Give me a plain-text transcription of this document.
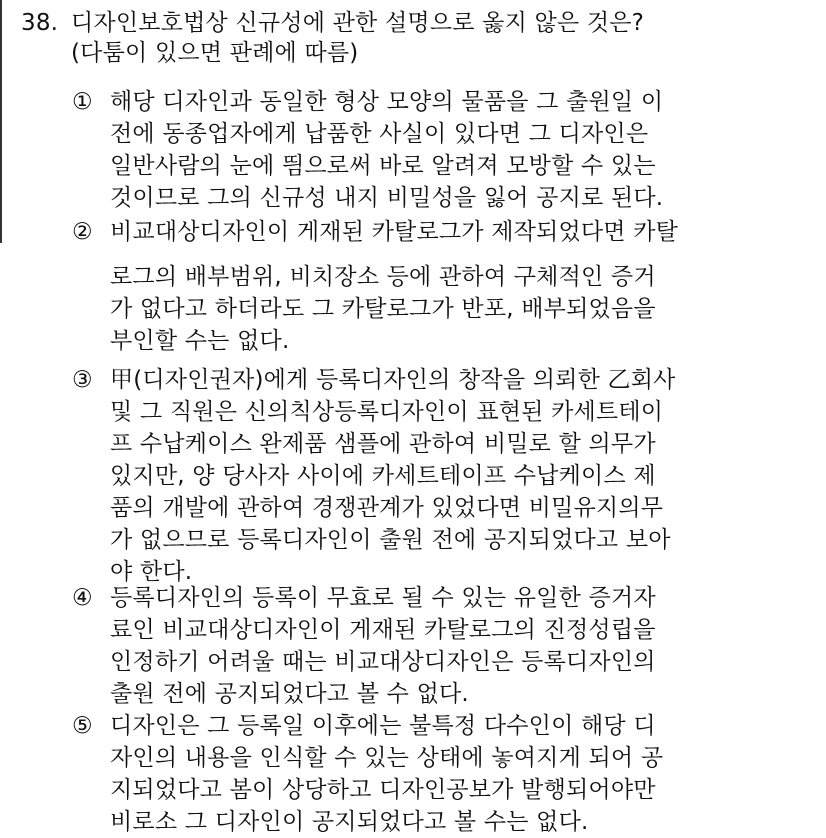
38. 디자인보호법상 신규성에 관한 설명으로 옳지 않은 것은?
(다툼이 있으면 판례에 따름)
① 해당 디자인과 동일한 형상 모양의 물품을 그 출원일 이
전에 동종업자에게 납품한 사실이 있다면 그 디자인은
일반사람의 눈에 띔으로써 바로 알려져 모방할 수 있는
것이므로 그의 신규성 내지 비밀성을 잃어 공지로 된다.
② 비교대상디자인이 게재된 카탈로그가 제작되었다면 카탈
로그의 배부범위, 비치장소 등에 관하여 구체적인 증거
가 없다고 하더라도 그 카탈로그가 반포, 배부되었음을
부인할 수는 없다.
③ 甲(디자인권자)에게 등록디자인의 창작을 의뢰한 乙회사
및 그 직원은 신의칙상등록디자인이 표현된 카세트테이
프 수납케이스 완제품 샘플에 관하여 비밀로 할 의무가
있지만, 양 당사자 사이에 카세트테이프 수납케이스 제
품의 개발에 관하여 경쟁관계가 있었다면 비밀유지의무
가 없으므로 등록디자인이 출원 전에 공지되었다고 보아
야 한다.
④ 등록디자인의 등록이 무효로 될 수 있는 유일한 증거자
료인 비교대상디자인이 게재된 카탈로그의 진정성립을
인정하기 어려울 때는 비교대상디자인은 등록디자인의
출원 전에 공지되었다고 볼 수 없다.
⑤ 디자인은 그 등록일 이후에는 불특정 다수인이 해당 디
자인의 내용을 인식할 수 있는 상태에 놓여지게 되어 공
지되었다고 봄이 상당하고 디자인공보가 발행되어야만
비로소 그 디자인이 공지되었다고 볼 수는 없다.
